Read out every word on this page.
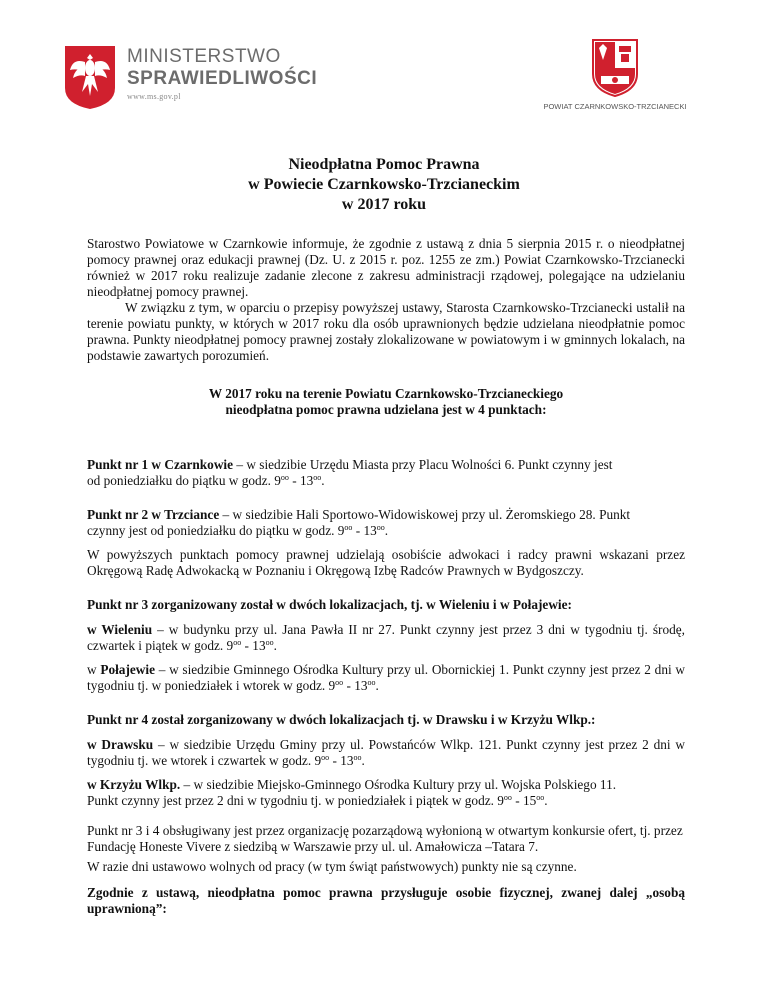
MINISTERSTWO
SPRAWIEDLIWOŚCI
www.ms.gov.pl
POWIAT CZARNKOWSKO-TRZCIANECKI
Nieodpłatna Pomoc Prawna
w Powiecie Czarnkowsko-Trzcianeckim
w 2017 roku
Starostwo Powiatowe w Czarnkowie informuje, że zgodnie z ustawą z dnia 5 sierpnia 2015 r. o nieodpłatnej pomocy prawnej oraz edukacji prawnej (Dz. U. z 2015 r. poz. 1255 ze zm.) Powiat Czarnkowsko-Trzcianecki również w 2017 roku realizuje zadanie zlecone z zakresu administracji rządowej, polegające na udzielaniu nieodpłatnej pomocy prawnej.
W związku z tym, w oparciu o przepisy powyższej ustawy, Starosta Czarnkowsko-Trzcianecki ustalił na terenie powiatu punkty, w których w 2017 roku dla osób uprawnionych będzie udzielana nieodpłatnie pomoc prawna. Punkty nieodpłatnej pomocy prawnej zostały zlokalizowane w powiatowym i w gminnych lokalach, na podstawie zawartych porozumień.
W 2017 roku na terenie Powiatu Czarnkowsko-Trzcianeckiego
nieodpłatna pomoc prawna udzielana jest w 4 punktach:
Punkt nr 1 w Czarnkowie – w siedzibie Urzędu Miasta przy Placu Wolności 6. Punkt czynny jest
od poniedziałku do piątku w godz. $9^{oo} - 13^{oo}$.
Punkt nr 2 w Trzciance – w siedzibie Hali Sportowo-Widowiskowej przy ul. Żeromskiego 28. Punkt
czynny jest od poniedziałku do piątku w godz. $9^{oo} - 13^{oo}$.
W powyższych punktach pomocy prawnej udzielają osobiście adwokaci i radcy prawni wskazani przez Okręgową Radę Adwokacką w Poznaniu i Okręgową Izbę Radców Prawnych w Bydgoszczy.
Punkt nr 3 zorganizowany został w dwóch lokalizacjach, tj. w Wieleniu i w Połajewie:
w Wieleniu – w budynku przy ul. Jana Pawła II nr 27. Punkt czynny jest przez 3 dni w tygodniu tj. środę, czwartek i piątek w godz. $9^{oo} - 13^{oo}$.
w Połajewie – w siedzibie Gminnego Ośrodka Kultury przy ul. Obornickiej 1. Punkt czynny jest przez 2 dni w tygodniu tj. w poniedziałek i wtorek w godz. $9^{oo} - 13^{oo}$.
Punkt nr 4 został zorganizowany w dwóch lokalizacjach tj. w Drawsku i w Krzyżu Wlkp.:
w Drawsku – w siedzibie Urzędu Gminy przy ul. Powstańców Wlkp. 121. Punkt czynny jest przez 2 dni w tygodniu tj. we wtorek i czwartek w godz. $9^{oo} - 13^{oo}$.
w Krzyżu Wlkp. – w siedzibie Miejsko-Gminnego Ośrodka Kultury przy ul. Wojska Polskiego 11.
Punkt czynny jest przez 2 dni w tygodniu tj. w poniedziałek i piątek w godz. $9^{oo} - 15^{oo}$.
Punkt nr 3 i 4 obsługiwany jest przez organizację pozarządową wyłonioną w otwartym konkursie ofert, tj. przez Fundację Honeste Vivere z siedzibą w Warszawie przy ul. ul. Amałowicza –Tatara 7.
W razie dni ustawowo wolnych od pracy (w tym świąt państwowych) punkty nie są czynne.
Zgodnie z ustawą, nieodpłatna pomoc prawna przysługuje osobie fizycznej, zwanej dalej „osobą uprawnioną”:
